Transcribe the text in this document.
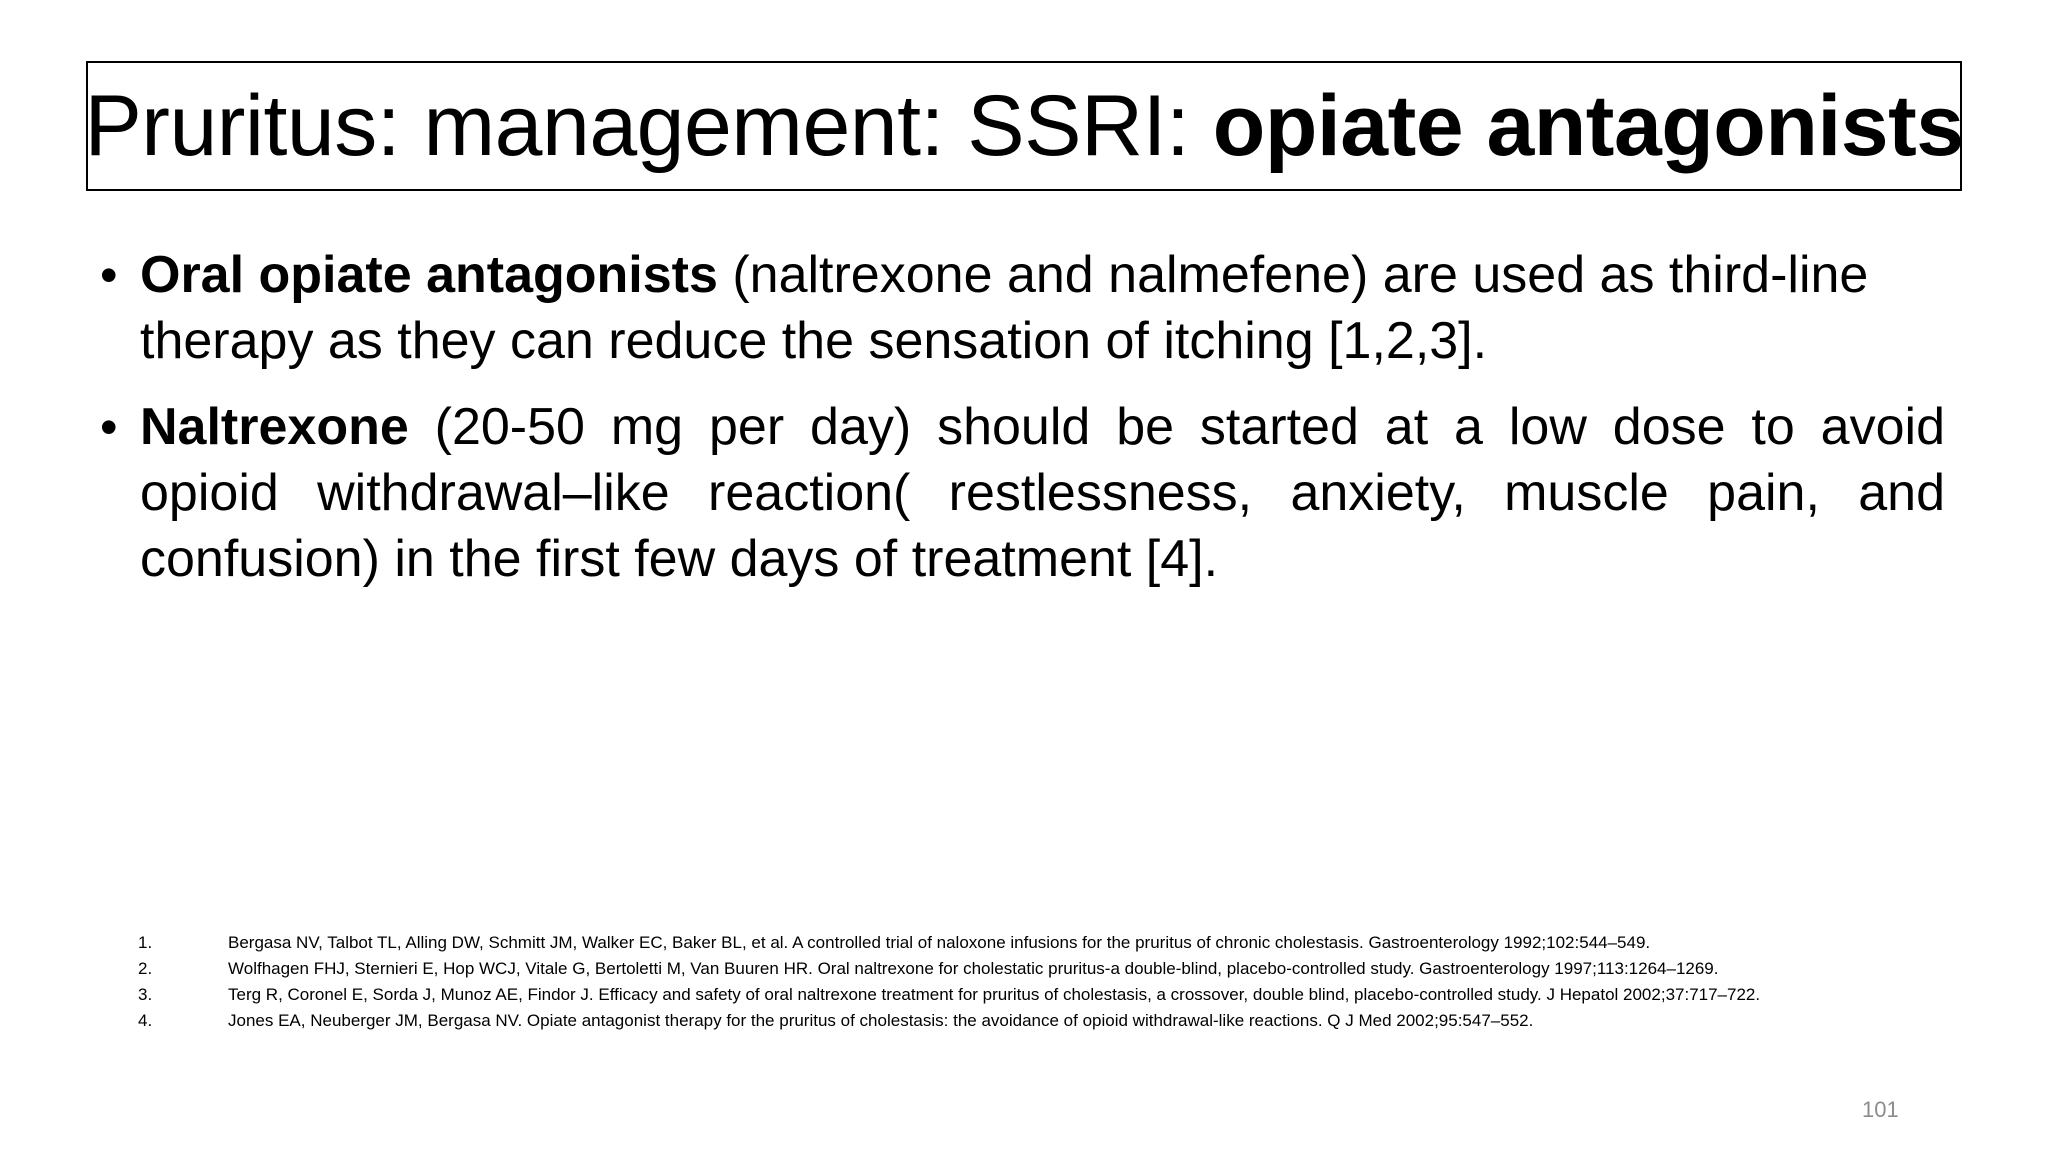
Pruritus: management: SSRI: opiate antagonists
• Oral opiate antagonists (naltrexone and nalmefene) are used as third-line therapy as they can reduce the sensation of itching [1,2,3].
• Naltrexone (20-50 mg per day) should be started at a low dose to avoid opioid withdrawal–like reaction( restlessness, anxiety, muscle pain, and confusion) in the first few days of treatment [4].
1.	Bergasa NV, Talbot TL, Alling DW, Schmitt JM, Walker EC, Baker BL, et al. A controlled trial of naloxone infusions for the pruritus of chronic cholestasis. Gastroenterology 1992;102:544–549.
2.	Wolfhagen FHJ, Sternieri E, Hop WCJ, Vitale G, Bertoletti M, Van Buuren HR. Oral naltrexone for cholestatic pruritus-a double-blind, placebo-controlled study. Gastroenterology 1997;113:1264–1269.
3.	Terg R, Coronel E, Sorda J, Munoz AE, Findor J. Efficacy and safety of oral naltrexone treatment for pruritus of cholestasis, a crossover, double blind, placebo-controlled study. J Hepatol 2002;37:717–722.
4.	Jones EA, Neuberger JM, Bergasa NV. Opiate antagonist therapy for the pruritus of cholestasis: the avoidance of opioid withdrawal-like reactions. Q J Med 2002;95:547–552.
101
